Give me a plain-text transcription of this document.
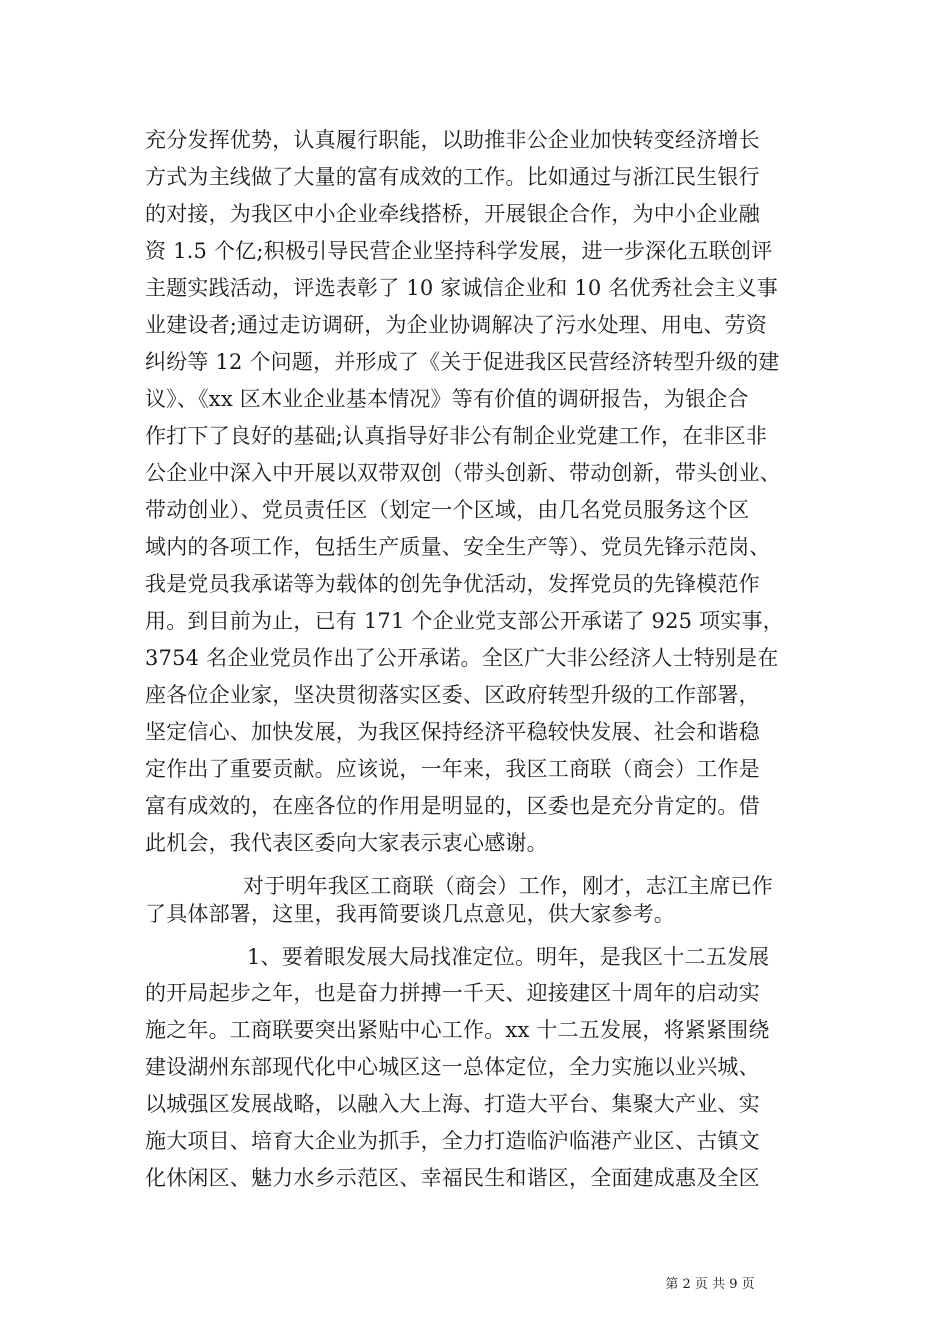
充分发挥优势，认真履行职能，以助推非公企业加快转变经济增长
方式为主线做了大量的富有成效的工作。比如通过与浙江民生银行
的对接，为我区中小企业牵线搭桥，开展银企合作，为中小企业融
资 1.5 个亿;积极引导民营企业坚持科学发展，进一步深化五联创评
主题实践活动，评选表彰了 10 家诚信企业和 10 名优秀社会主义事
业建设者;通过走访调研，为企业协调解决了污水处理、用电、劳资
纠纷等 12 个问题，并形成了《关于促进我区民营经济转型升级的建
议》、《xx 区木业企业基本情况》等有价值的调研报告，为银企合
作打下了良好的基础;认真指导好非公有制企业党建工作，在非区非
公企业中深入中开展以双带双创（带头创新、带动创新，带头创业、
带动创业）、党员责任区（划定一个区域，由几名党员服务这个区
域内的各项工作，包括生产质量、安全生产等）、党员先锋示范岗、
我是党员我承诺等为载体的创先争优活动，发挥党员的先锋模范作
用。到目前为止，已有 171 个企业党支部公开承诺了 925 项实事，
3754 名企业党员作出了公开承诺。全区广大非公经济人士特别是在
座各位企业家，坚决贯彻落实区委、区政府转型升级的工作部署，
坚定信心、加快发展，为我区保持经济平稳较快发展、社会和谐稳
定作出了重要贡献。应该说，一年来，我区工商联（商会）工作是
富有成效的，在座各位的作用是明显的，区委也是充分肯定的。借
此机会，我代表区委向大家表示衷心感谢。
对于明年我区工商联（商会）工作，刚才，志江主席已作
了具体部署，这里，我再简要谈几点意见，供大家参考。
1、要着眼发展大局找准定位。明年，是我区十二五发展
的开局起步之年，也是奋力拼搏一千天、迎接建区十周年的启动实
施之年。工商联要突出紧贴中心工作。xx 十二五发展，将紧紧围绕
建设湖州东部现代化中心城区这一总体定位，全力实施以业兴城、
以城强区发展战略，以融入大上海、打造大平台、集聚大产业、实
施大项目、培育大企业为抓手，全力打造临沪临港产业区、古镇文
化休闲区、魅力水乡示范区、幸福民生和谐区，全面建成惠及全区
第 2 页 共 9 页
